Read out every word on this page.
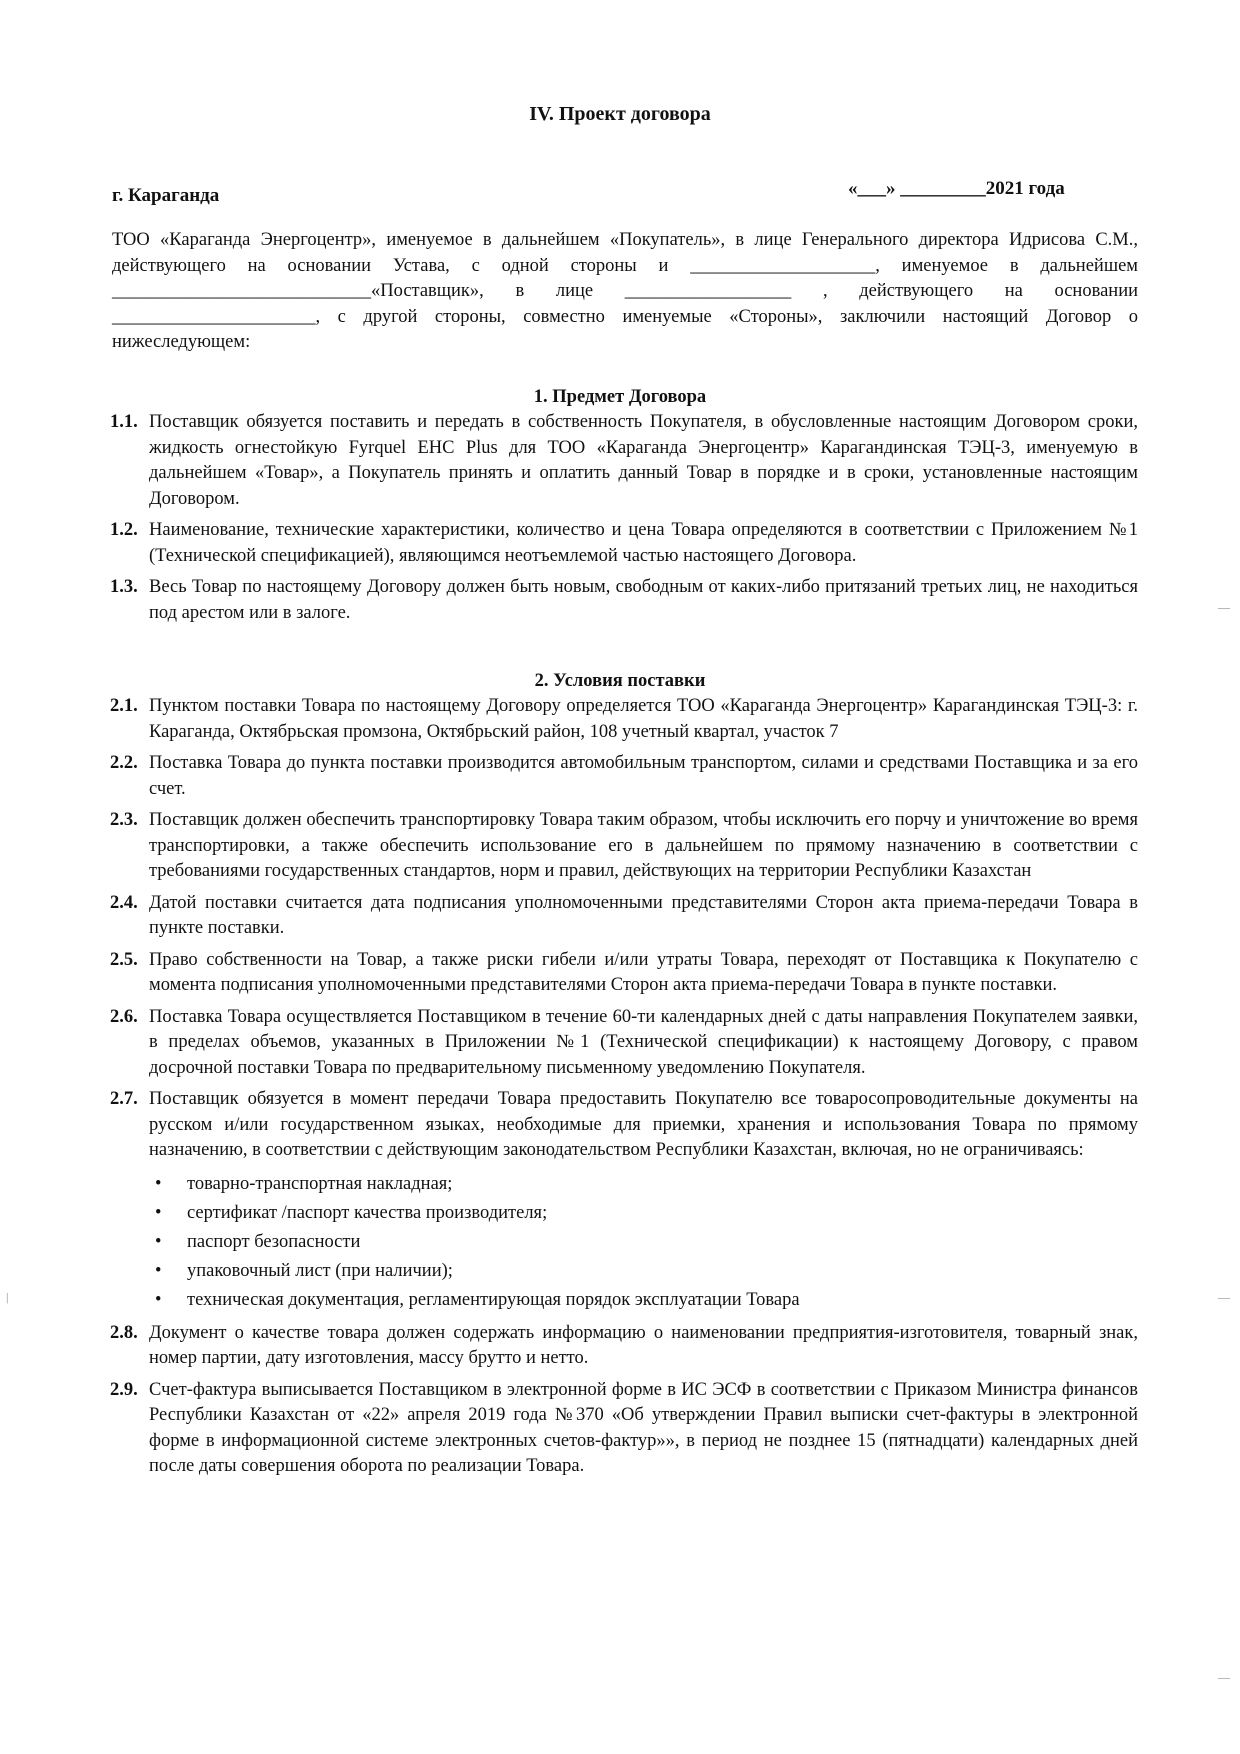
IV. Проект договора
г. Караганда	«___» _________2021 года

ТОО «Караганда Энергоцентр», именуемое в дальнейшем «Покупатель», в лице Генерального директора Идрисова С.М., действующего на основании Устава, с одной стороны и ____________________, именуемое в дальнейшем ____________________________«Поставщик», в лице __________________ , действующего на основании ______________________, с другой стороны, совместно именуемые «Стороны», заключили настоящий Договор о нижеследующем:

1. Предмет Договора

1.1. Поставщик обязуется поставить и передать в собственность Покупателя, в обусловленные настоящим Договором сроки, жидкость огнестойкую Fyrquel EHC Plus для ТОО «Караганда Энергоцентр» Карагандинская ТЭЦ-3, именуемую в дальнейшем «Товар», а Покупатель принять и оплатить данный Товар в порядке и в сроки, установленные настоящим Договором.
1.2. Наименование, технические характеристики, количество и цена Товара определяются в соответствии с Приложением №1 (Технической спецификацией), являющимся неотъемлемой частью настоящего Договора.
1.3. Весь Товар по настоящему Договору должен быть новым, свободным от каких-либо притязаний третьих лиц, не находиться под арестом или в залоге.

2. Условия поставки

2.1. Пунктом поставки Товара по настоящему Договору определяется ТОО «Караганда Энергоцентр» Карагандинская ТЭЦ-3: г. Караганда, Октябрьская промзона, Октябрьский район, 108 учетный квартал, участок 7
2.2. Поставка Товара до пункта поставки производится автомобильным транспортом, силами и средствами Поставщика и за его счет.
2.3. Поставщик должен обеспечить транспортировку Товара таким образом, чтобы исключить его порчу и уничтожение во время транспортировки, а также обеспечить использование его в дальнейшем по прямому назначению в соответствии с требованиями государственных стандартов, норм и правил, действующих на территории Республики Казахстан
2.4. Датой поставки считается дата подписания уполномоченными представителями Сторон акта приема-передачи Товара в пункте поставки.
2.5. Право собственности на Товар, а также риски гибели и/или утраты Товара, переходят от Поставщика к Покупателю с момента подписания уполномоченными представителями Сторон акта приема-передачи Товара в пункте поставки.
2.6. Поставка Товара осуществляется Поставщиком в течение 60-ти календарных дней с даты направления Покупателем заявки, в пределах объемов, указанных в Приложении №1 (Технической спецификации) к настоящему Договору, с правом досрочной поставки Товара по предварительному письменному уведомлению Покупателя.
2.7. Поставщик обязуется в момент передачи Товара предоставить Покупателю все товаросопроводительные документы на русском и/или государственном языках, необходимые для приемки, хранения и использования Товара по прямому назначению, в соответствии с действующим законодательством Республики Казахстан, включая, но не ограничиваясь:
• товарно-транспортная накладная;
• сертификат /паспорт качества производителя;
• паспорт безопасности
• упаковочный лист (при наличии);
• техническая документация, регламентирующая порядок эксплуатации Товара
2.8. Документ о качестве товара должен содержать информацию о наименовании предприятия-изготовителя, товарный знак, номер партии, дату изготовления, массу брутто и нетто.
2.9. Счет-фактура выписывается Поставщиком в электронной форме в ИС ЭСФ в соответствии с Приказом Министра финансов Республики Казахстан от «22» апреля 2019 года №370 «Об утверждении Правил выписки счет-фактуры в электронной форме в информационной системе электронных счетов-фактур»», в период не позднее 15 (пятнадцати) календарных дней после даты совершения оборота по реализации Товара.
—
—
—
|
